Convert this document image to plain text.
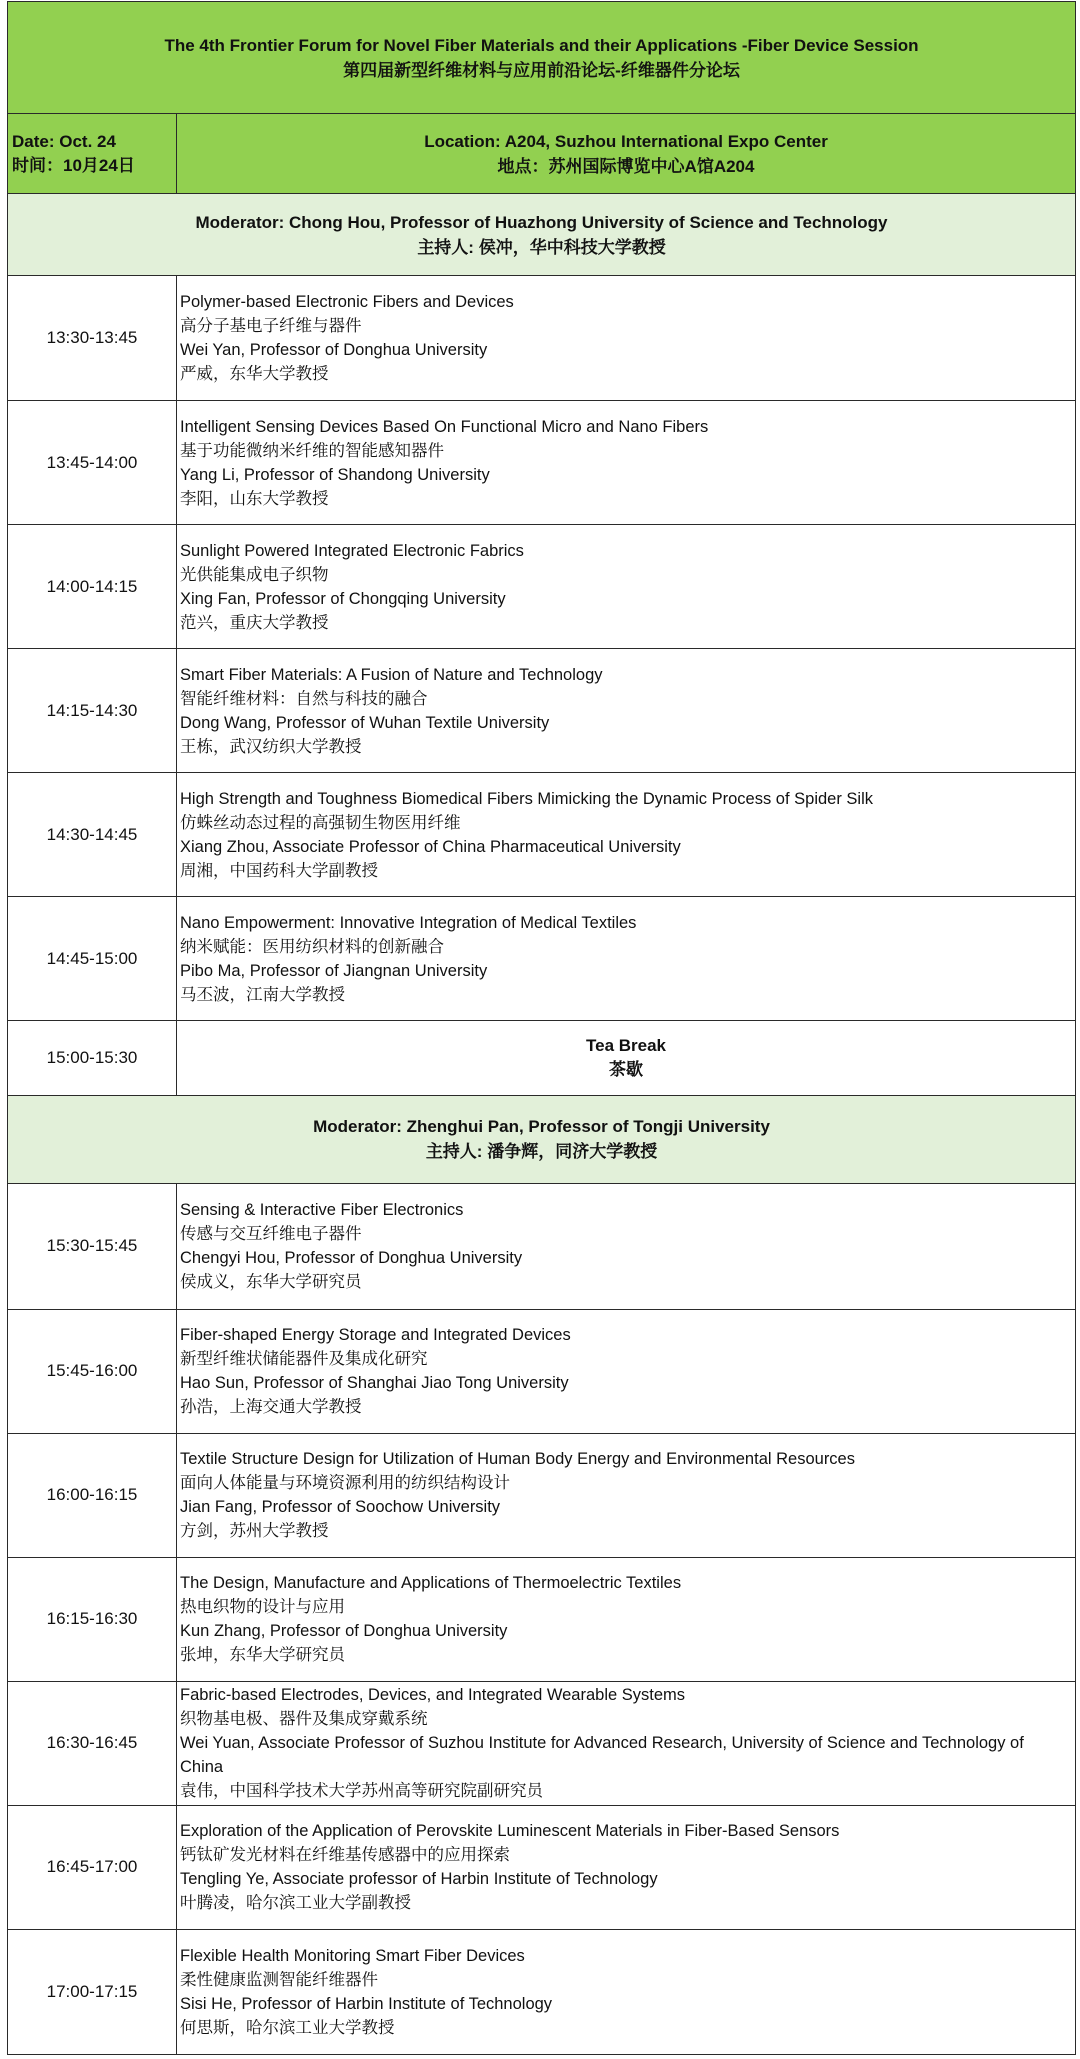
The 4th Frontier Forum for Novel Fiber Materials and their Applications -Fiber Device Session
第四届新型纤维材料与应用前沿论坛-纤维器件分论坛	

Date: Oct. 24
时间：10月24日	Location: A204, Suzhou International Expo Center
地点：苏州国际博览中心A馆A204

Moderator: Chong Hou, Professor of Huazhong University of Science and Technology
主持人: 侯冲，华中科技大学教授	

13:30-13:45	Polymer-based Electronic Fibers and Devices
高分子基电子纤维与器件
Wei Yan, Professor of Donghua University
严威，东华大学教授

13:45-14:00	Intelligent Sensing Devices Based On Functional Micro and Nano Fibers
基于功能微纳米纤维的智能感知器件
Yang Li, Professor of Shandong University
李阳，山东大学教授

14:00-14:15	Sunlight Powered Integrated Electronic Fabrics
光供能集成电子织物
Xing Fan, Professor of Chongqing University
范兴，重庆大学教授

14:15-14:30	Smart Fiber Materials: A Fusion of Nature and Technology
智能纤维材料：自然与科技的融合
Dong Wang, Professor of Wuhan Textile University
王栋，武汉纺织大学教授

14:30-14:45	High Strength and Toughness Biomedical Fibers Mimicking the Dynamic Process of Spider Silk
仿蛛丝动态过程的高强韧生物医用纤维
Xiang Zhou, Associate Professor of China Pharmaceutical University
周湘，中国药科大学副教授

14:45-15:00	Nano Empowerment: Innovative Integration of Medical Textiles
纳米赋能：医用纺织材料的创新融合
Pibo Ma, Professor of Jiangnan University
马丕波，江南大学教授

15:00-15:30	Tea Break
茶歇

Moderator: Zhenghui Pan, Professor of Tongji University
主持人: 潘争辉，同济大学教授	

15:30-15:45	Sensing & Interactive Fiber Electronics
传感与交互纤维电子器件
Chengyi Hou, Professor of Donghua University
侯成义，东华大学研究员

15:45-16:00	Fiber-shaped Energy Storage and Integrated Devices
新型纤维状储能器件及集成化研究
Hao Sun, Professor of Shanghai Jiao Tong University
孙浩，上海交通大学教授

16:00-16:15	Textile Structure Design for Utilization of Human Body Energy and Environmental Resources
面向人体能量与环境资源利用的纺织结构设计
Jian Fang, Professor of Soochow University
方剑，苏州大学教授

16:15-16:30	The Design, Manufacture and Applications of Thermoelectric Textiles
热电织物的设计与应用
Kun Zhang, Professor of Donghua University
张坤，东华大学研究员

16:30-16:45	Fabric-based Electrodes, Devices, and Integrated Wearable Systems
织物基电极、器件及集成穿戴系统
Wei Yuan, Associate Professor of Suzhou Institute for Advanced Research, University of Science and Technology of China
袁伟，中国科学技术大学苏州高等研究院副研究员

16:45-17:00	Exploration of the Application of Perovskite Luminescent Materials in Fiber-Based Sensors
钙钛矿发光材料在纤维基传感器中的应用探索
Tengling Ye, Associate professor of Harbin Institute of Technology
叶腾凌，哈尔滨工业大学副教授

17:00-17:15	Flexible Health Monitoring Smart Fiber Devices
柔性健康监测智能纤维器件
Sisi He, Professor of Harbin Institute of Technology
何思斯，哈尔滨工业大学教授
